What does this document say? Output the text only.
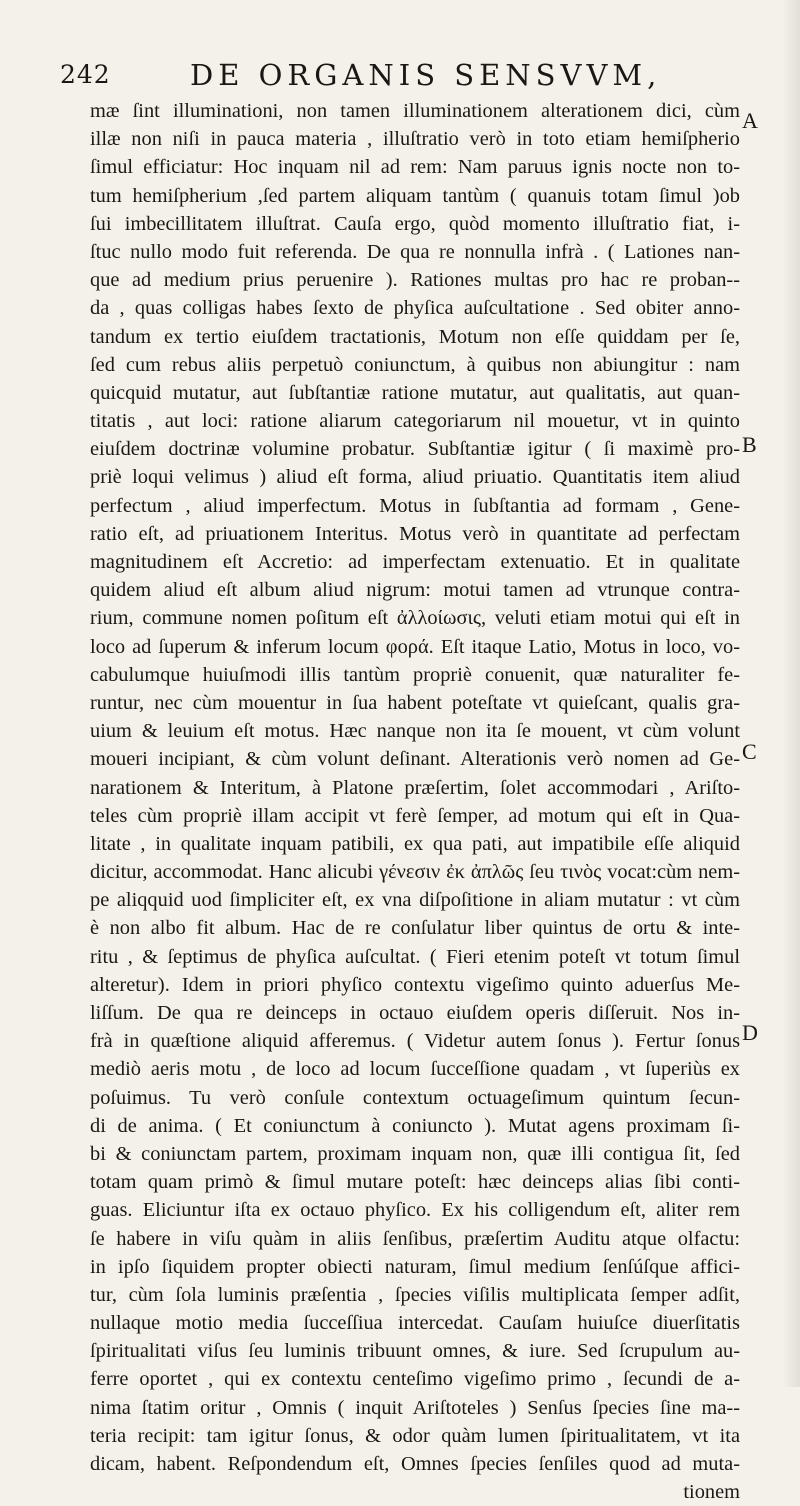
242	DE ORGANIS SENSVVM,
A
B
C
D
mæ ſint illuminationi, non tamen illuminationem alterationem dici, cùm
illæ non niſi in pauca materia , illuſtratio verò in toto etiam hemiſpherio
ſimul efficiatur: Hoc inquam nil ad rem: Nam paruus ignis nocte non to-
tum hemiſpherium ,ſed partem aliquam tantùm ( quanuis totam ſimul )ob
ſui imbecillitatem illuſtrat. Cauſa ergo, quòd momento illuſtratio fiat, i-
ſtuc nullo modo fuit referenda. De qua re nonnulla infrà . ( Lationes nan-
que ad medium prius peruenire ). Rationes multas pro hac re proban--
da , quas colligas habes ſexto de phyſica auſcultatione . Sed obiter anno-
tandum ex tertio eiuſdem tractationis, Motum non eſſe quiddam per ſe,
ſed cum rebus aliis perpetuò coniunctum, à quibus non abiungitur : nam
quicquid mutatur, aut ſubſtantiæ ratione mutatur, aut qualitatis, aut quan-
titatis , aut loci: ratione aliarum categoriarum nil mouetur, vt in quinto
eiuſdem doctrinæ volumine probatur. Subſtantiæ igitur ( ſi maximè pro-
priè loqui velimus ) aliud eſt forma, aliud priuatio. Quantitatis item aliud
perfectum , aliud imperfectum. Motus in ſubſtantia ad formam , Gene-
ratio eſt, ad priuationem Interitus. Motus verò in quantitate ad perfectam
magnitudinem eſt Accretio: ad imperfectam extenuatio. Et in qualitate
quidem aliud eſt album aliud nigrum: motui tamen ad vtrunque contra-
rium, commune nomen poſitum eſt ἀλλοίωσις, veluti etiam motui qui eſt in
loco ad ſuperum & inferum locum φορά. Eſt itaque Latio, Motus in loco, vo-
cabulumque huiuſmodi illis tantùm propriè conuenit, quæ naturaliter fe-
runtur, nec cùm mouentur in ſua habent poteſtate vt quieſcant, qualis gra-
uium & leuium eſt motus. Hæc nanque non ita ſe mouent, vt cùm volunt
moueri incipiant, & cùm volunt deſinant. Alterationis verò nomen ad Ge-
narationem & Interitum, à Platone præſertim, ſolet accommodari , Ariſto-
teles cùm propriè illam accipit vt ferè ſemper, ad motum qui eſt in Qua-
litate , in qualitate inquam patibili, ex qua pati, aut impatibile eſſe aliquid
dicitur, accommodat. Hanc alicubi γένεσιν ἐκ ἀπλῶς ſeu τινὸς vocat:cùm nem-
pe aliqquid uod ſimpliciter eſt, ex vna diſpoſitione in aliam mutatur : vt cùm
è non albo fit album. Hac de re conſulatur liber quintus de ortu & inte-
ritu , & ſeptimus de phyſica auſcultat. ( Fieri etenim poteſt vt totum ſimul
alteretur). Idem in priori phyſico contextu vigeſimo quinto aduerſus Me-
liſſum. De qua re deinceps in octauo eiuſdem operis diſſeruit. Nos in-
frà in quæſtione aliquid afferemus. ( Videtur autem ſonus ). Fertur ſonus
mediò aeris motu , de loco ad locum ſucceſſione quadam , vt ſuperiùs ex
poſuimus. Tu verò conſule contextum octuageſimum quintum ſecun-
di de anima. ( Et coniunctum à coniuncto ). Mutat agens proximam ſi-
bi & coniunctam partem, proximam inquam non, quæ illi contigua ſit, ſed
totam quam primò & ſimul mutare poteſt: hæc deinceps alias ſibi conti-
guas. Eliciuntur iſta ex octauo phyſico. Ex his colligendum eſt, aliter rem
ſe habere in viſu quàm in aliis ſenſibus, præſertim Auditu atque olfactu:
in ipſo ſiquidem propter obiecti naturam, ſimul medium ſenſúſque affici-
tur, cùm ſola luminis præſentia , ſpecies viſilis multiplicata ſemper adſit,
nullaque motio media ſucceſſiua intercedat. Cauſam huiuſce diuerſitatis
ſpiritualitati viſus ſeu luminis tribuunt omnes, & iure. Sed ſcrupulum au-
ferre oportet , qui ex contextu centeſimo vigeſimo primo , ſecundi de a-
nima ſtatim oritur , Omnis ( inquit Ariſtoteles ) Senſus ſpecies ſine ma--
teria recipit: tam igitur ſonus, & odor quàm lumen ſpiritualitatem, vt ita
dicam, habent. Reſpondendum eſt, Omnes ſpecies ſenſiles quod ad muta-
tionem
